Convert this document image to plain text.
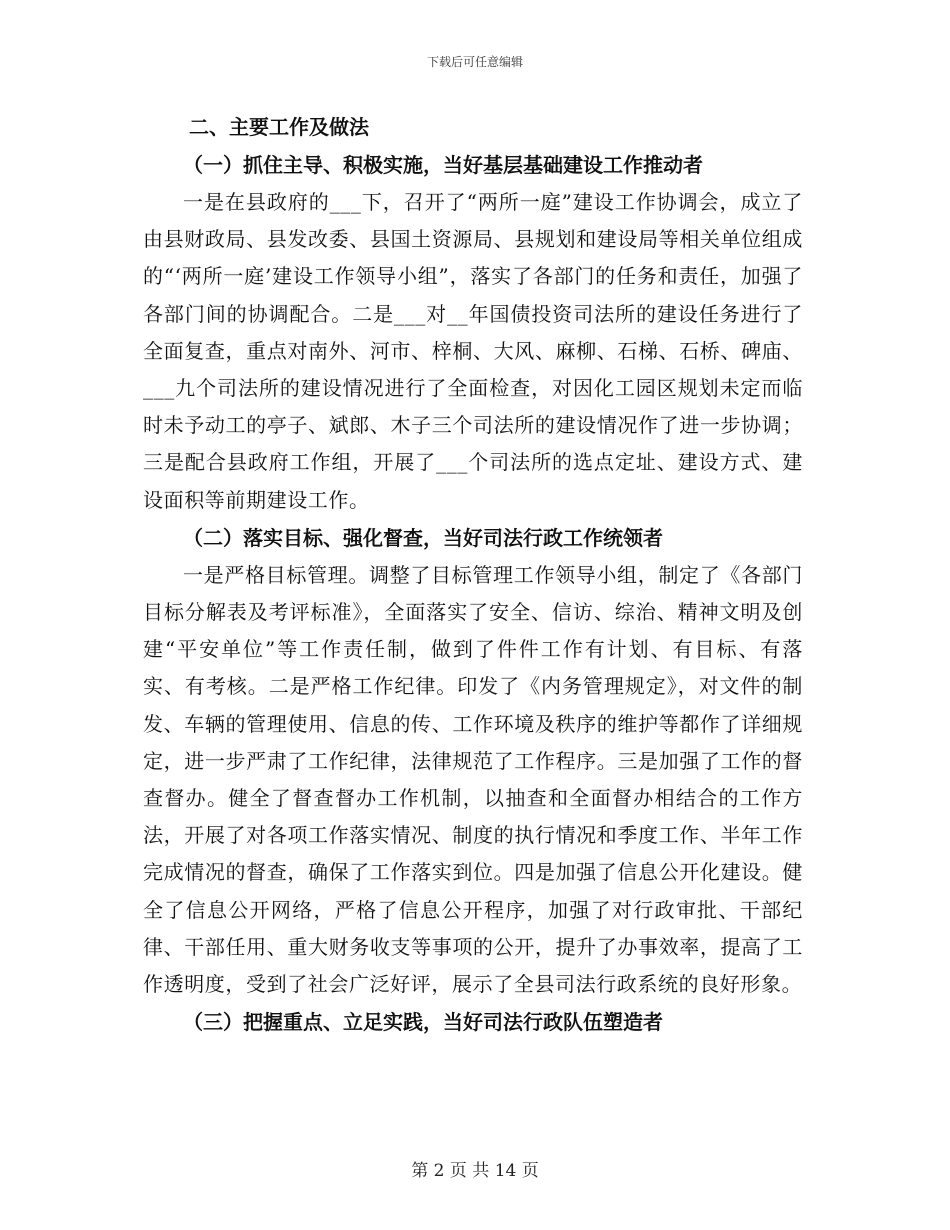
下载后可任意编辑

二、主要工作及做法

（一）抓住主导、积极实施，当好基层基础建设工作推动者

一是在县政府的___下，召开了“两所一庭”建设工作协调会，成立了由县财政局、县发改委、县国土资源局、县规划和建设局等相关单位组成的“‘两所一庭’建设工作领导小组”，落实了各部门的任务和责任，加强了各部门间的协调配合。二是___对__年国债投资司法所的建设任务进行了全面复查，重点对南外、河市、梓桐、大风、麻柳、石梯、石桥、碑庙、___九个司法所的建设情况进行了全面检查，对因化工园区规划未定而临时未予动工的亭子、斌郎、木子三个司法所的建设情况作了进一步协调；三是配合县政府工作组，开展了___个司法所的选点定址、建设方式、建设面积等前期建设工作。

（二）落实目标、强化督查，当好司法行政工作统领者

一是严格目标管理。调整了目标管理工作领导小组，制定了《各部门目标分解表及考评标准》，全面落实了安全、信访、综治、精神文明及创建“平安单位”等工作责任制，做到了件件工作有计划、有目标、有落实、有考核。二是严格工作纪律。印发了《内务管理规定》，对文件的制发、车辆的管理使用、信息的传、工作环境及秩序的维护等都作了详细规定，进一步严肃了工作纪律，法律规范了工作程序。三是加强了工作的督查督办。健全了督查督办工作机制，以抽查和全面督办相结合的工作方法，开展了对各项工作落实情况、制度的执行情况和季度工作、半年工作完成情况的督查，确保了工作落实到位。四是加强了信息公开化建设。健全了信息公开网络，严格了信息公开程序，加强了对行政审批、干部纪律、干部任用、重大财务收支等事项的公开，提升了办事效率，提高了工作透明度，受到了社会广泛好评，展示了全县司法行政系统的良好形象。

（三）把握重点、立足实践，当好司法行政队伍塑造者

第 2 页 共 14 页
